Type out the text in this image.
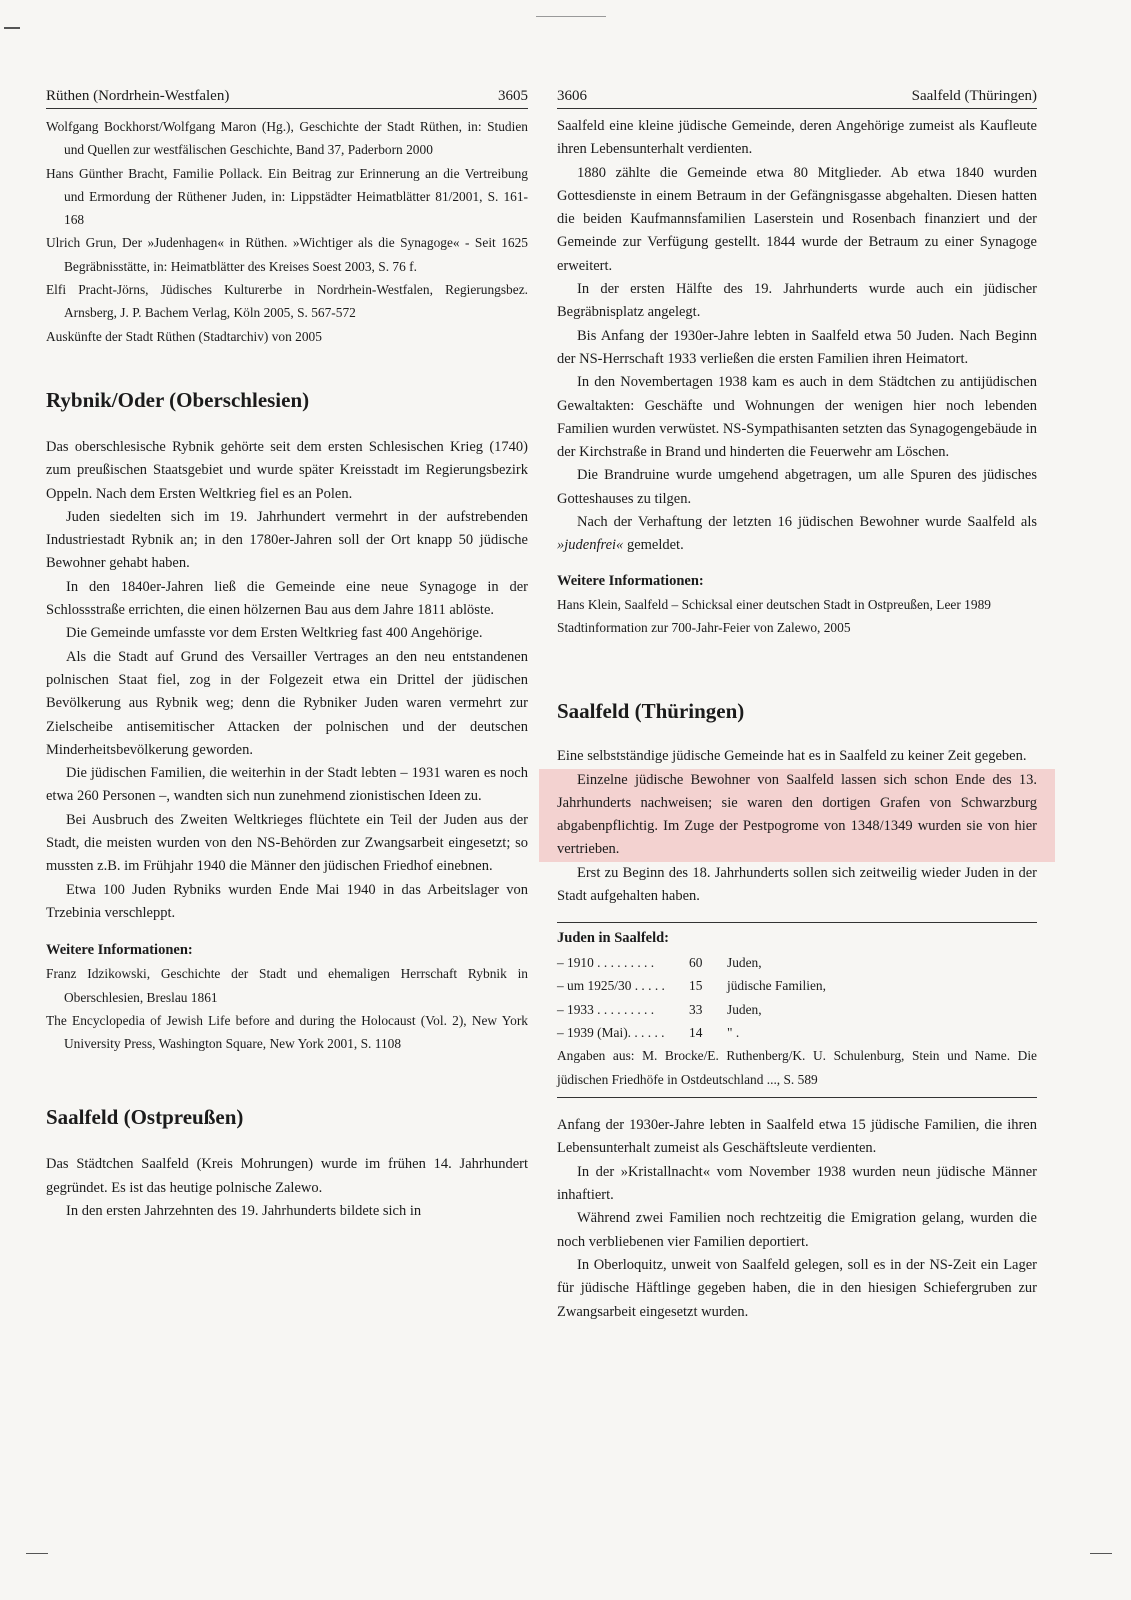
Rüthen (Nordrhein-Westfalen)	3605
Wolfgang Bockhorst/Wolfgang Maron (Hg.), Geschichte der Stadt Rüthen, in: Studien und Quellen zur westfälischen Geschichte, Band 37, Paderborn 2000
Hans Günther Bracht, Familie Pollack. Ein Beitrag zur Erinnerung an die Vertreibung und Ermordung der Rüthener Juden, in: Lippstädter Heimatblätter 81/2001, S. 161-168
Ulrich Grun, Der »Judenhagen« in Rüthen. »Wichtiger als die Synagoge« - Seit 1625 Begräbnisstätte, in: Heimatblätter des Kreises Soest 2003, S. 76 f.
Elfi Pracht-Jörns, Jüdisches Kulturerbe in Nordrhein-Westfalen, Regierungsbez. Arnsberg, J. P. Bachem Verlag, Köln 2005, S. 567-572
Auskünfte der Stadt Rüthen (Stadtarchiv) von 2005
Rybnik/Oder (Oberschlesien)

Das oberschlesische Rybnik gehörte seit dem ersten Schlesischen Krieg (1740) zum preußischen Staatsgebiet und wurde später Kreisstadt im Regierungsbezirk Oppeln. Nach dem Ersten Weltkrieg fiel es an Polen.

Juden siedelten sich im 19. Jahrhundert vermehrt in der aufstrebenden Industriestadt Rybnik an; in den 1780er-Jahren soll der Ort knapp 50 jüdische Bewohner gehabt haben.

In den 1840er-Jahren ließ die Gemeinde eine neue Synagoge in der Schlossstraße errichten, die einen hölzernen Bau aus dem Jahre 1811 ablöste.

Die Gemeinde umfasste vor dem Ersten Weltkrieg fast 400 Angehörige.

Als die Stadt auf Grund des Versailler Vertrages an den neu entstandenen polnischen Staat fiel, zog in der Folgezeit etwa ein Drittel der jüdischen Bevölkerung aus Rybnik weg; denn die Rybniker Juden waren vermehrt zur Zielscheibe antisemitischer Attacken der polnischen und der deutschen Minderheitsbevölkerung geworden.

Die jüdischen Familien, die weiterhin in der Stadt lebten – 1931 waren es noch etwa 260 Personen –, wandten sich nun zunehmend zionistischen Ideen zu.

Bei Ausbruch des Zweiten Weltkrieges flüchtete ein Teil der Juden aus der Stadt, die meisten wurden von den NS-Behörden zur Zwangsarbeit eingesetzt; so mussten z.B. im Frühjahr 1940 die Männer den jüdischen Friedhof einebnen.

Etwa 100 Juden Rybniks wurden Ende Mai 1940 in das Arbeitslager von Trzebinia verschleppt.

Weitere Informationen:
Franz Idzikowski, Geschichte der Stadt und ehemaligen Herrschaft Rybnik in Oberschlesien, Breslau 1861
The Encyclopedia of Jewish Life before and during the Holocaust (Vol. 2), New York University Press, Washington Square, New York 2001, S. 1108
Saalfeld (Ostpreußen)

Das Städtchen Saalfeld (Kreis Mohrungen) wurde im frühen 14. Jahrhundert gegründet. Es ist das heutige polnische Zalewo.

In den ersten Jahrzehnten des 19. Jahrhunderts bildete sich in

3606	Saalfeld (Thüringen)

Saalfeld eine kleine jüdische Gemeinde, deren Angehörige zumeist als Kaufleute ihren Lebensunterhalt verdienten.

1880 zählte die Gemeinde etwa 80 Mitglieder. Ab etwa 1840 wurden Gottesdienste in einem Betraum in der Gefängnisgasse abgehalten. Diesen hatten die beiden Kaufmannsfamilien Laserstein und Rosenbach finanziert und der Gemeinde zur Verfügung gestellt. 1844 wurde der Betraum zu einer Synagoge erweitert.

In der ersten Hälfte des 19. Jahrhunderts wurde auch ein jüdischer Begräbnisplatz angelegt.

Bis Anfang der 1930er-Jahre lebten in Saalfeld etwa 50 Juden. Nach Beginn der NS-Herrschaft 1933 verließen die ersten Familien ihren Heimatort.

In den Novembertagen 1938 kam es auch in dem Städtchen zu antijüdischen Gewaltakten: Geschäfte und Wohnungen der wenigen hier noch lebenden Familien wurden verwüstet. NS-Sympathisanten setzten das Synagogengebäude in der Kirchstraße in Brand und hinderten die Feuerwehr am Löschen.

Die Brandruine wurde umgehend abgetragen, um alle Spuren des jüdisches Gotteshauses zu tilgen.

Nach der Verhaftung der letzten 16 jüdischen Bewohner wurde Saalfeld als »judenfrei« gemeldet.

Weitere Informationen:
Hans Klein, Saalfeld – Schicksal einer deutschen Stadt in Ostpreußen, Leer 1989
Stadtinformation zur 700-Jahr-Feier von Zalewo, 2005
Saalfeld (Thüringen)

Eine selbstständige jüdische Gemeinde hat es in Saalfeld zu keiner Zeit gegeben.

Einzelne jüdische Bewohner von Saalfeld lassen sich schon Ende des 13. Jahrhunderts nachweisen; sie waren den dortigen Grafen von Schwarzburg abgabenpflichtig. Im Zuge der Pestpogrome von 1348/1349 wurden sie von hier vertrieben.

Erst zu Beginn des 18. Jahrhunderts sollen sich zeitweilig wieder Juden in der Stadt aufgehalten haben.

Juden in Saalfeld:
– 1910 . . . . . . . . .	60	Juden,
– um 1925/30 . . . . .	15	jüdische Familien,
– 1933 . . . . . . . . .	33	Juden,
– 1939 (Mai). . . . . .	14	" .
Angaben aus: M. Brocke/E. Ruthenberg/K. U. Schulenburg, Stein und Name. Die jüdischen Friedhöfe in Ostdeutschland ..., S. 589

Anfang der 1930er-Jahre lebten in Saalfeld etwa 15 jüdische Familien, die ihren Lebensunterhalt zumeist als Geschäftsleute verdienten.

In der »Kristallnacht« vom November 1938 wurden neun jüdische Männer inhaftiert.

Während zwei Familien noch rechtzeitig die Emigration gelang, wurden die noch verbliebenen vier Familien deportiert.

In Oberloquitz, unweit von Saalfeld gelegen, soll es in der NS-Zeit ein Lager für jüdische Häftlinge gegeben haben, die in den hiesigen Schiefergruben zur Zwangsarbeit eingesetzt wurden.
